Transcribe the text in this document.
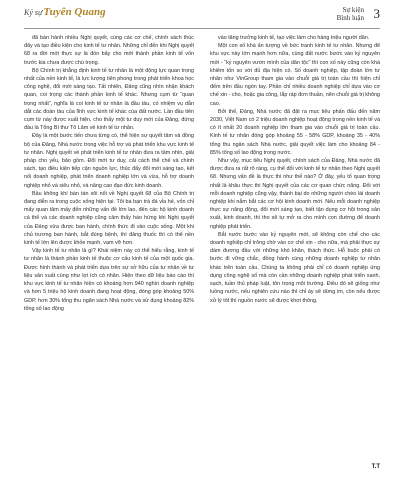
Ký sự Tuyên Quang	Sự kiện
Bình luận 3

đã bàn hành nhiều Nghị quyết, cùng các cơ chế, chính sách thúc đẩy và tạo điều kiện cho kinh tế tư nhân. Những chỉ đến khi Nghị quyết 68 ra đời mới thực sự là đòn bẩy cho mới thành phần kinh tế vốn trước kia chưa được chú trọng.

Bộ Chính trị khẳng định kinh tế tư nhân là một động lực quan trọng nhất của nền kinh tế, là lực lượng tiên phong trong phát triển khoa học công nghệ, đổi mới sáng tạo. Tất nhiên, Đảng cũng nhìn nhận khách quan, coi trọng các thành phần kinh tế khác. Nhưng cụm từ “quan trọng nhất”, nghĩa là coi kinh tế tư nhân là đầu tàu, có nhiệm vụ dẫn dắt các đoàn tàu của lĩnh vực kinh tế khác cùa đất nước. Lần đầu tiên cụm từ này được xuất hiện, cho thấy một tư duy mới của Đảng, đứng đầu là Tổng Bí thư Tô Lâm về kinh tế tư nhân.

Đây là một bước tiến chưa từng có, thể hiện sự quyết tâm và đồng bộ của Đảng, Nhà nước trong việc hỗ trợ và phát triển khu vực kinh tế tư nhân. Nghị quyết về phát triển kinh tế tư nhân đưa ra tầm nhìn, giải pháp cho yếu, bảo gồm. Đổi mới tư duy, cải cách thể chế và chính sách, tạo điều kiện tiếp cận nguồn lực, thúc đẩy đổi mới sáng tạo, kết nối doanh nghiệp, phát triển doanh nghiệp lớn và vừa, hỗ trợ doanh nghiệp nhỏ và siêu nhỏ, và nâng cao đạo đức kinh doanh.

Bầu không khí bàn tán sôi nổi về Nghị quyết 68 của Bộ Chính trị đang diễn ra trong cuộc sống hiện tại. Tôi ba bạn trà đá vỉa hè, vốn chỉ mấy quan tâm mấy đến những vấn đề lớn lao, đến các hộ kinh doanh cá thể và các doanh nghiệp cũng cảm thấy háo hứng khi Nghị quyết của Đảng vừa được ban hành, chính thức đi vào cuộc sống. Một khi chủ trương ban hành, bắt đúng bệnh, thì đảng thuốc thì có thể nền kinh tế lớn lên được khỏe mạnh, vạm vỡ hơn.

Vậy kinh tế tư nhân là gì? Khái niệm này có thể hiểu rằng, kinh tế tư nhân là thành phần kinh tế thuộc cơ cấu kinh tế của một quốc gia. Được hình thành và phát triển dựa trên sự sở hữu của tư nhân về tư liệu sản xuất cùng như lợi ích có nhân. Hiện theo dữ liệu báo cáo thì khu vực kinh tế tư nhân hiện có khoảng hơn 940 nghìn doanh nghiệp và hơn 5 triệu hộ kinh doanh đang hoạt động, đóng góp khoảng 50% GDP, hơn 30% tổng thu ngân sách Nhà nước và sử dụng khoảng 82% tổng số lao động

vào tăng trưởng kinh tế, tạo việc làm cho hàng triệu người dân.

Một con số khá ấn tượng về bức tranh kinh tế tư nhân. Nhưng để khu vực này lớn mạnh hơn nữa, cùng đất nước bước vào kỷ nguyên mới - “kỷ nguyên vươn mình của dân tộc” thì con số này cũng còn khá khiêm tốn so với đủ địa hiện có. Số doanh nghiệp, tập đoàn lớn tư nhân như VinGroup tham gia vào chuỗi giá trị toàn cầu thì hiện chỉ đếm trên đầu ngón tay. Phần chỉ nhiều doanh nghiệp chỉ dựa vào cơ chế xin - cho, hoặc gia công, lắp ráp đơn thuần, nên chuỗi giá trị không cao.

Bởi thế, Đảng, Nhà nước đã đặt ra mục tiêu phấn đấu đến năm 2030, Việt Nam có 2 triệu doanh nghiệp hoạt động trong nền kinh tế và có ít nhất 20 doanh nghiệp lớn tham gia vào chuỗi giá trị toàn cầu. Kinh tế tư nhân đóng góp khoảng 55 - 58% GDP, khoảng 35 - 40% tổng thu ngân sách Nhà nước, giải quyết việc làm cho khoảng 84 - 85% tổng số lao động trong nước.

Như vậy, mục tiêu Nghị quyết, chính sách của Đảng, Nhà nước đã được đưa ra rất rõ ràng, cụ thể đối với kinh tế tư nhân theo Nghị quyết 68. Nhưng vấn đề là thực thi như thế nào? Ở đây, yếu tố quan trọng nhất là khâu thực thi Nghị quyết của các cơ quan chức năng. Đối với mỗi doanh nghiệp cũng vậy, thành bại do những người chèo lái doanh nghiệp khi nắm bắt các cơ hội kinh doanh mới. Nếu mỗi doanh nghiệp thực sự năng động, đổi mới sáng tạo, biết tận dụng cơ hội trong sản xuất, kinh doanh, thì tho sẽ tự mở ra cho mình con đường để doanh nghiệp phát triển.

Bắt nước bước vào kỷ nguyên mới, sẽ không còn chế cho các doanh nghiệp chỉ trông chờ vào cơ chế xin - cho nữa, mà phải thực sự dám đương đầu với những khó khăn, thách thức. Hỗ buộc phải có bước đi vững chắc, đồng hành cùng những doanh nghiệp tư nhân khác trên toàn cầu. Chúng ta không phải chỉ có doanh nghiệp ứng dụng công nghệ số mà còn cần những doanh nghiệp phát triển xanh, sạch, tuần thủ pháp luật, tôn trọng môi trường. Điều đó sẽ giống như luồng nước, nếu nghiên cứu nào thì chỉ áy sẽ dừng im, còn nếu được xử lý tốt thì nguồn nước sẽ được khơi thông.

T.T
